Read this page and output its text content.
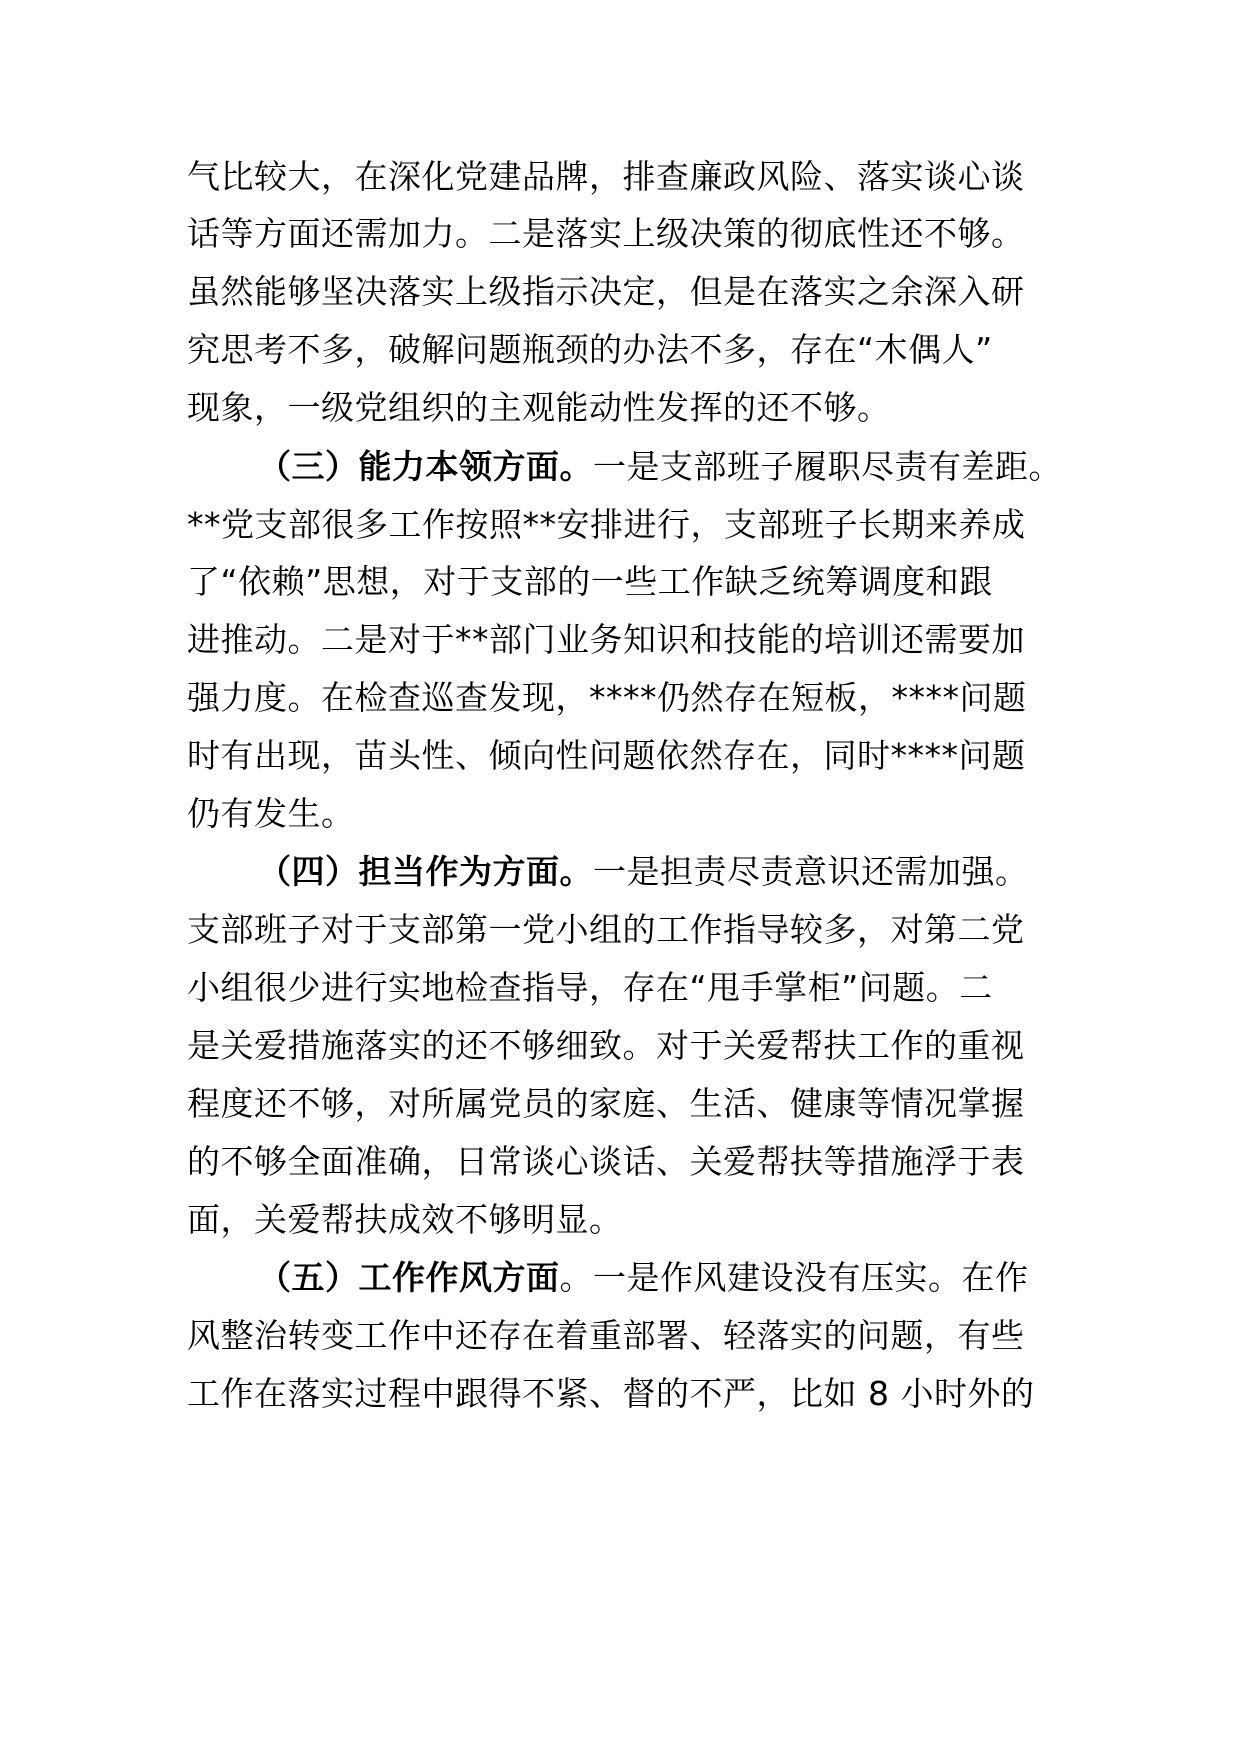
气比较大，在深化党建品牌，排查廉政风险、落实谈心谈
话等方面还需加力。二是落实上级决策的彻底性还不够。
虽然能够坚决落实上级指示决定，但是在落实之余深入研
究思考不多，破解问题瓶颈的办法不多，存在“木偶人”
现象，一级党组织的主观能动性发挥的还不够。
（三）能力本领方面。一是支部班子履职尽责有差距。
**党支部很多工作按照**安排进行，支部班子长期来养成
了“依赖”思想，对于支部的一些工作缺乏统筹调度和跟
进推动。二是对于**部门业务知识和技能的培训还需要加
强力度。在检查巡查发现，****仍然存在短板，****问题
时有出现，苗头性、倾向性问题依然存在，同时****问题
仍有发生。
（四）担当作为方面。一是担责尽责意识还需加强。
支部班子对于支部第一党小组的工作指导较多，对第二党
小组很少进行实地检查指导，存在“甩手掌柜”问题。二
是关爱措施落实的还不够细致。对于关爱帮扶工作的重视
程度还不够，对所属党员的家庭、生活、健康等情况掌握
的不够全面准确，日常谈心谈话、关爱帮扶等措施浮于表
面，关爱帮扶成效不够明显。
（五）工作作风方面。一是作风建设没有压实。在作
风整治转变工作中还存在着重部署、轻落实的问题，有些
工作在落实过程中跟得不紧、督的不严，比如 8 小时外的
